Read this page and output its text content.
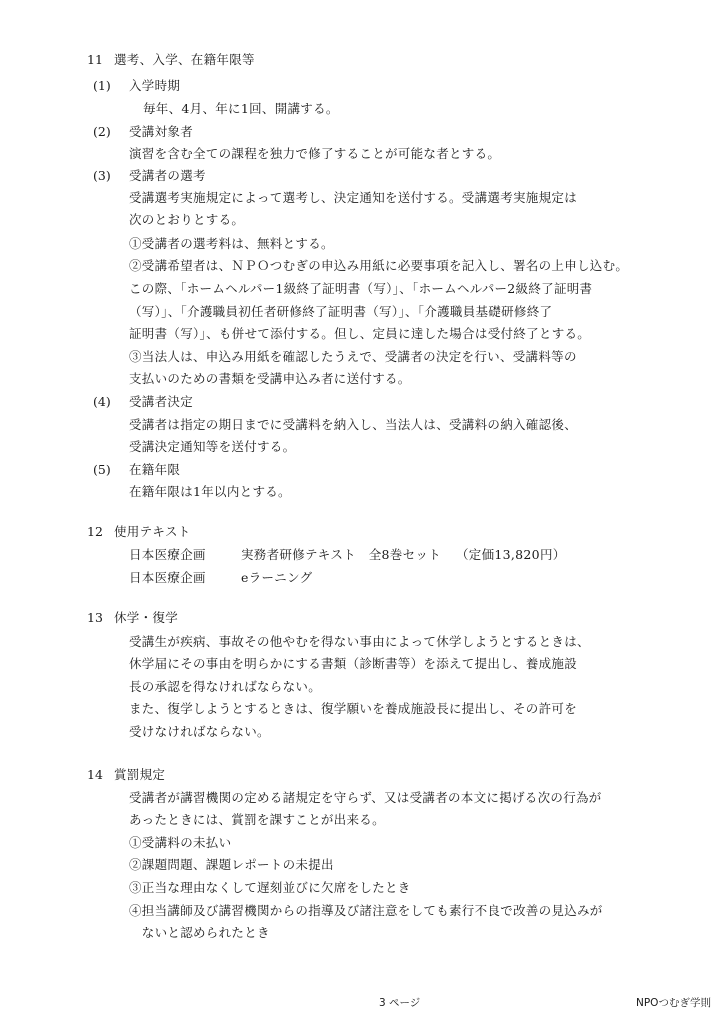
11 選考、入学、在籍年限等
(1) 入学時期
毎年、4月、年に1回、開講する。
(2) 受講対象者
演習を含む全ての課程を独力で修了することが可能な者とする。
(3) 受講者の選考
受講選考実施規定によって選考し、決定通知を送付する。受講選考実施規定は
次のとおりとする。
①受講者の選考料は、無料とする。
②受講希望者は、ＮＰＯつむぎの申込み用紙に必要事項を記入し、署名の上申し込む。
この際、「ホームヘルパー1級終了証明書（写）」、「ホームヘルパー2級終了証明書
（写）」、「介護職員初任者研修終了証明書（写）」、「介護職員基礎研修終了
証明書（写）」、も併せて添付する。但し、定員に達した場合は受付終了とする。
③当法人は、申込み用紙を確認したうえで、受講者の決定を行い、受講料等の
支払いのための書類を受講申込み者に送付する。
(4) 受講者決定
受講者は指定の期日までに受講料を納入し、当法人は、受講料の納入確認後、
受講決定通知等を送付する。
(5) 在籍年限
在籍年限は1年以内とする。
12 使用テキスト
日本医療企画	実務者研修テキスト　全8巻セット （定価13,820円）
日本医療企画	eラーニング
13 休学・復学
受講生が疾病、事故その他やむを得ない事由によって休学しようとするときは、
休学届にその事由を明らかにする書類（診断書等）を添えて提出し、養成施設
長の承認を得なければならない。
また、復学しようとするときは、復学願いを養成施設長に提出し、その許可を
受けなければならない。
14 賞罰規定
受講者が講習機関の定める諸規定を守らず、又は受講者の本文に掲げる次の行為が
あったときには、賞罰を課すことが出来る。
①受講料の未払い
②課題問題、課題レポートの未提出
③正当な理由なくして遅刻並びに欠席をしたとき
④担当講師及び講習機関からの指導及び諸注意をしても素行不良で改善の見込みが
　ないと認められたとき
3 ページ	NPOつむぎ学則
